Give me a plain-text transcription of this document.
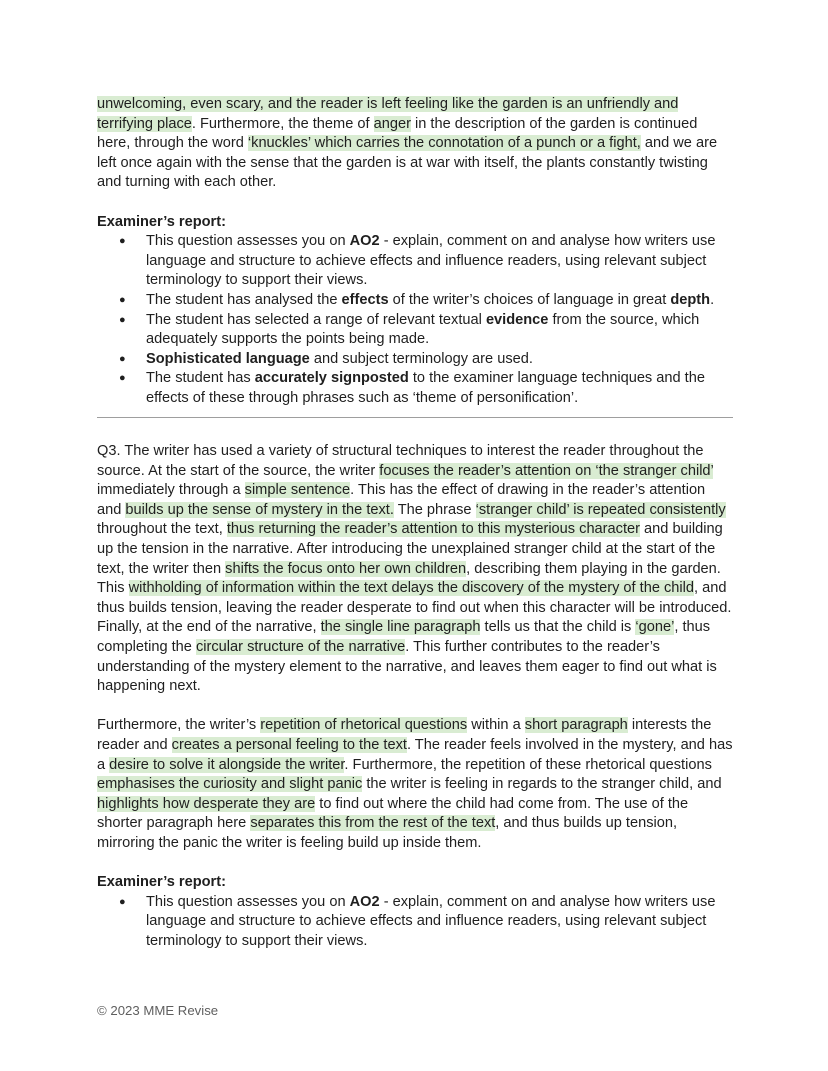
unwelcoming, even scary, and the reader is left feeling like the garden is an unfriendly and terrifying place. Furthermore, the theme of anger in the description of the garden is continued here, through the word ‘knuckles’ which carries the connotation of a punch or a fight, and we are left once again with the sense that the garden is at war with itself, the plants constantly twisting and turning with each other.

Examiner’s report:

● This question assesses you on AO2 - explain, comment on and analyse how writers use language and structure to achieve effects and influence readers, using relevant subject terminology to support their views.
● The student has analysed the effects of the writer’s choices of language in great depth.
● The student has selected a range of relevant textual evidence from the source, which adequately supports the points being made.
● Sophisticated language and subject terminology are used.
● The student has accurately signposted to the examiner language techniques and the effects of these through phrases such as ‘theme of personification’.

Q3. The writer has used a variety of structural techniques to interest the reader throughout the source. At the start of the source, the writer focuses the reader’s attention on ‘the stranger child’ immediately through a simple sentence. This has the effect of drawing in the reader’s attention and builds up the sense of mystery in the text. The phrase ‘stranger child’ is repeated consistently throughout the text, thus returning the reader’s attention to this mysterious character and building up the tension in the narrative. After introducing the unexplained stranger child at the start of the text, the writer then shifts the focus onto her own children, describing them playing in the garden. This withholding of information within the text delays the discovery of the mystery of the child, and thus builds tension, leaving the reader desperate to find out when this character will be introduced. Finally, at the end of the narrative, the single line paragraph tells us that the child is ‘gone’, thus completing the circular structure of the narrative. This further contributes to the reader’s understanding of the mystery element to the narrative, and leaves them eager to find out what is happening next.

Furthermore, the writer’s repetition of rhetorical questions within a short paragraph interests the reader and creates a personal feeling to the text. The reader feels involved in the mystery, and has a desire to solve it alongside the writer. Furthermore, the repetition of these rhetorical questions emphasises the curiosity and slight panic the writer is feeling in regards to the stranger child, and highlights how desperate they are to find out where the child had come from. The use of the shorter paragraph here separates this from the rest of the text, and thus builds up tension, mirroring the panic the writer is feeling build up inside them.

Examiner’s report:

● This question assesses you on AO2 - explain, comment on and analyse how writers use language and structure to achieve effects and influence readers, using relevant subject terminology to support their views.
© 2023 MME Revise
